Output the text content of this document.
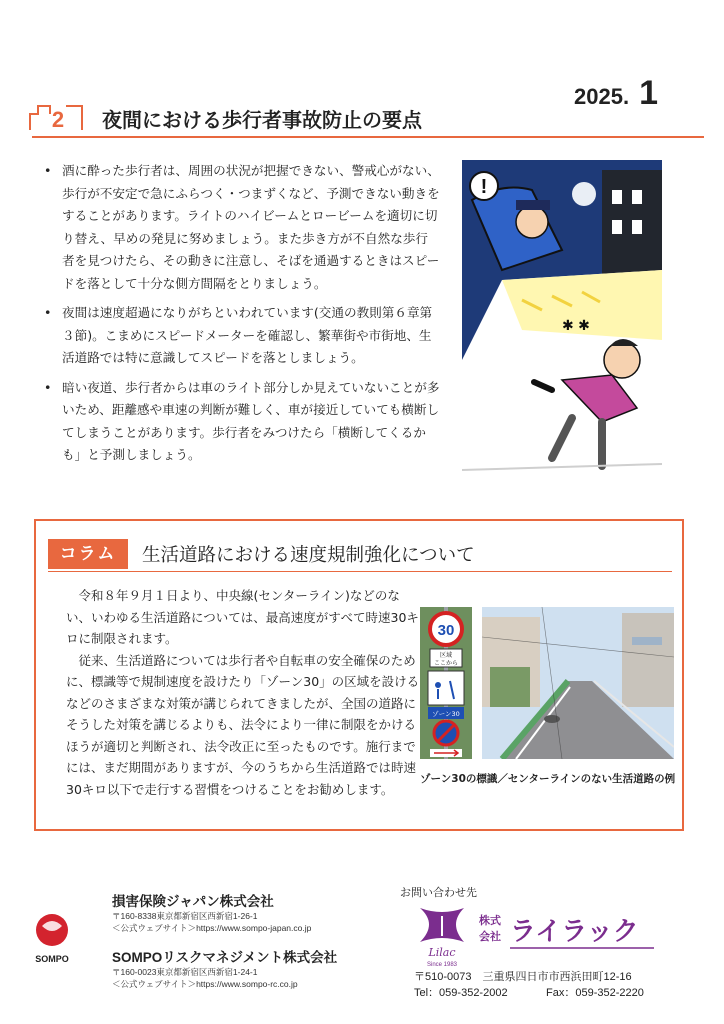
2025. 1
2 夜間における歩行者事故防止の要点
• 酒に酔った歩行者は、周囲の状況が把握できない、警戒心がない、歩行が不安定で急にふらつく・つまずくなど、予測できない動きをすることがあります。ライトのハイビームとロービームを適切に切り替え、早めの発見に努めましょう。また歩き方が不自然な歩行者を見つけたら、その動きに注意し、そばを通過するときはスピードを落として十分な側方間隔をとりましょう。
• 夜間は速度超過になりがちといわれています(交通の教則第６章第３節)。こまめにスピードメーターを確認し、繁華街や市街地、生活道路では特に意識してスピードを落としましょう。
• 暗い夜道、歩行者からは車のライト部分しか見えていないことが多いため、距離感や車速の判断が難しく、車が接近していても横断してしまうことがあります。歩行者をみつけたら「横断してくるかも」と予測しましょう。
!
✱ ✱
コラム	生活道路における速度規制強化について

令和８年９月１日より、中央線(センターライン)などのない、いわゆる生活道路については、最高速度がすべて時速30キロに制限されます。

従来、生活道路については歩行者や自転車の安全確保のために、標識等で規制速度を設けたり「ゾーン30」の区域を設けるなどのさまざまな対策が講じられてきましたが、全国の道路にそうした対策を講じるよりも、法令により一律に制限をかけるほうが適切と判断され、法令改正に至ったものです。施行までには、まだ期間がありますが、今のうちから生活道路では時速30キロ以下で走行する習慣をつけることをお勧めします。

30
区域
ここから
ゾーン30
ゾーン30の標識／センターラインのない生活道路の例
SOMPO
損害保険ジャパン株式会社
〒160-8338東京都新宿区西新宿1-26-1
＜公式ウェブサイト＞https://www.sompo-japan.co.jp
SOMPOリスクマネジメント株式会社
〒160-0023東京都新宿区西新宿1-24-1
＜公式ウェブサイト＞https://www.sompo-rc.co.jp
お問い合わせ先
Lilac
Since 1983
株式
会社 ライラック
〒510-0073　三重県四日市市西浜田町12-16
Tel：059-352-2002	Fax：059-352-2220
